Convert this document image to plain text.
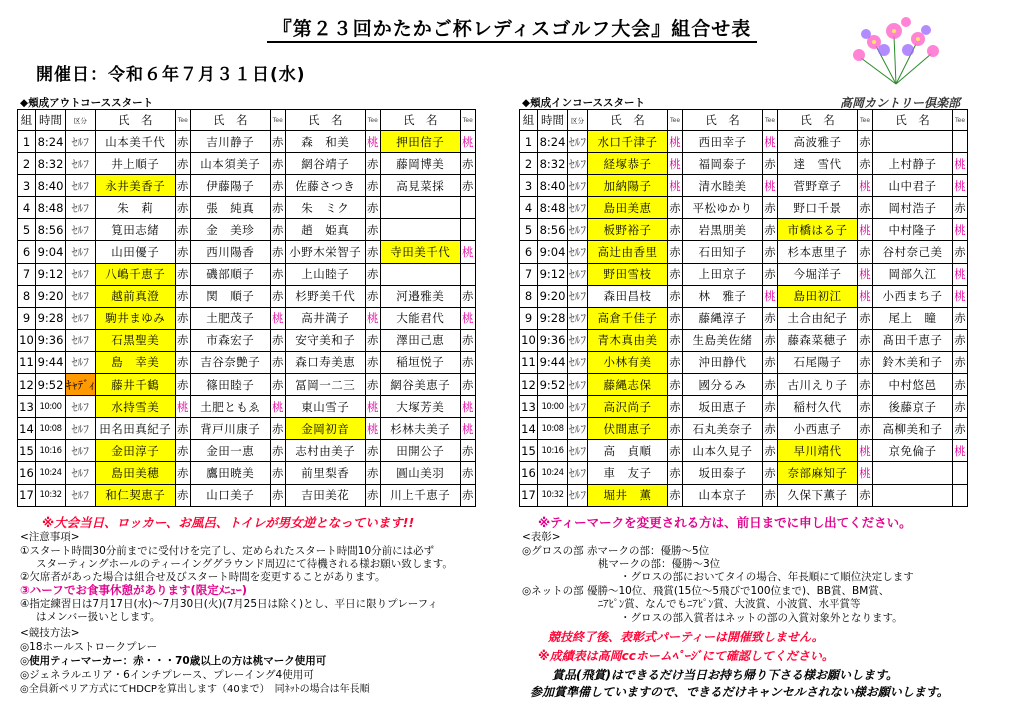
『第２３回かたかご杯レディスゴルフ大会』組合せ表
開催日：令和６年７月３１日(水)
◆頬成アウトコーススタート	◆頬成インコーススタート	高岡カントリー倶楽部
組	時間	区分	氏　名	Tee	氏　名	Tee	氏　名	Tee	氏　名	Tee
1	8:24	ｾﾙﾌ	山本美千代	赤	吉川静子	赤	森　和美	桃	押田信子	桃
2	8:32	ｾﾙﾌ	井上順子	赤	山本須美子	赤	網谷靖子	赤	藤岡博美	赤
3	8:40	ｾﾙﾌ	永井美香子	赤	伊藤陽子	赤	佐藤さつき	赤	高見菜採	赤
4	8:48	ｾﾙﾌ	朱　莉	赤	張　純真	赤	朱　ミク	赤		
5	8:56	ｾﾙﾌ	筧田志緒	赤	金　美珍	赤	趙　姫真	赤		
6	9:04	ｾﾙﾌ	山田優子	赤	西川陽香	赤	小野木栄智子	赤	寺田美千代	桃
7	9:12	ｾﾙﾌ	八嶋千恵子	赤	磯部順子	赤	上山睦子	赤		
8	9:20	ｾﾙﾌ	越前真澄	赤	関　順子	赤	杉野美千代	赤	河邉雅美	赤
9	9:28	ｾﾙﾌ	駒井まゆみ	赤	土肥茂子	桃	高井満子	桃	大能君代	桃
10	9:36	ｾﾙﾌ	石黒聖美	赤	市森宏子	赤	安守美和子	赤	澤田己恵	赤
11	9:44	ｾﾙﾌ	島　幸美	赤	吉谷奈艶子	赤	森口寿美恵	赤	稲垣悦子	赤
12	9:52	ｷｬﾃﾞｨ	藤井千鶴	赤	篠田睦子	赤	冨岡一二三	赤	網谷美恵子	赤
13	10:00	ｾﾙﾌ	水持雪美	桃	土肥ともゑ	桃	東山雪子	桃	大塚芳美	桃
14	10:08	ｾﾙﾌ	田名田真紀子	赤	背戸川康子	赤	金岡初音	桃	杉林夫美子	桃
15	10:16	ｾﾙﾌ	金田淳子	赤	金田一恵	赤	志村由美子	赤	田開公子	赤
16	10:24	ｾﾙﾌ	島田美穂	赤	鷹田暁美	赤	前里梨香	赤	圓山美羽	赤
17	10:32	ｾﾙﾌ	和仁契恵子	赤	山口美子	赤	吉田美花	赤	川上千恵子	赤
組	時間	区分	氏　名	Tee	氏　名	Tee	氏　名	Tee	氏　名	Tee
1	8:24	ｾﾙﾌ	水口千津子	桃	西田幸子	桃	高波雅子	赤		
2	8:32	ｾﾙﾌ	経塚恭子	桃	福岡泰子	赤	達　雪代	赤	上村静子	桃
3	8:40	ｾﾙﾌ	加納陽子	桃	清水睦美	桃	菅野章子	桃	山中君子	桃
4	8:48	ｾﾙﾌ	島田美恵	赤	平松ゆかり	赤	野口千景	赤	岡村浩子	赤
5	8:56	ｾﾙﾌ	板野裕子	赤	岩黒朋美	赤	市橋はる子	桃	中村隆子	桃
6	9:04	ｾﾙﾌ	高辻由香里	赤	石田知子	赤	杉本恵里子	赤	谷村奈己美	赤
7	9:12	ｾﾙﾌ	野田雪枝	赤	上田京子	赤	今堀洋子	桃	岡部久江	桃
8	9:20	ｾﾙﾌ	森田昌枝	赤	林　雅子	桃	島田初江	桃	小西まち子	桃
9	9:28	ｾﾙﾌ	高倉千佳子	赤	藤縄淳子	赤	土合由紀子	赤	尾上　瞳	赤
10	9:36	ｾﾙﾌ	青木真由美	赤	生島美佐緒	赤	藤森菜穂子	赤	髙田千恵子	赤
11	9:44	ｾﾙﾌ	小林有美	赤	沖田静代	赤	石尾陽子	赤	鈴木美和子	赤
12	9:52	ｾﾙﾌ	藤縄志保	赤	國分るみ	赤	古川えり子	赤	中村悠邑	赤
13	10:00	ｾﾙﾌ	高沢尚子	赤	坂田恵子	赤	稲村久代	赤	後藤京子	赤
14	10:08	ｾﾙﾌ	伏間恵子	赤	石丸美奈子	赤	小西恵子	赤	高柳美和子	赤
15	10:16	ｾﾙﾌ	高　貞順	赤	山本久見子	赤	早川靖代	桃	京免倫子	桃
16	10:24	ｾﾙﾌ	車　友子	赤	坂田泰子	赤	奈部麻知子	桃		
17	10:32	ｾﾙﾌ	堀井　薫	赤	山本京子	赤	久保下薫子	赤		
※大会当日、ロッカー、お風呂、トイレが男女逆となっています!!	※ティーマークを変更される方は、前日までに申し出てください。
<注意事項>
①スタート時間30分前までに受付けを完了し、定められたスタート時間10分前には必ず
スターティングホールのティーインググラウンド周辺にて待機される様お願い致します。
②欠席者があった場合は組合せ及びスタート時間を変更することがあります。
③ハーフでお食事休憩があります(限定ﾒﾆｭｰ)
④指定練習日は7月17日(水)～7月30日(火)(7月25日は除く)とし、平日に限りプレーフィ
はメンバー扱いとします。
<競技方法>
◎18ホールストロークプレー
◎使用ティーマーカー：赤・・・70歳以上の方は桃マーク使用可
◎ジェネラルエリア・6インチプレース、プレーイング4使用可
◎全員新ペリア方式にてHDCPを算出します（40まで）　同ﾈｯﾄの場合は年長順
<表彰>
◎グロスの部 赤マークの部：優勝～5位
桃マークの部：優勝～3位
・グロスの部においてタイの場合、年長順にて順位決定します
◎ネットの部 優勝～10位、飛賞(15位～5飛びで100位まで)、BB賞、BM賞、
ﾆｱﾋﾟﾝ賞、なんでもﾆｱﾋﾟﾝ賞、大波賞、小波賞、水平賞等
・グロスの部入賞者はネットの部の入賞対象外となります。
競技終了後、表彰式パーティーは開催致しません。
※成績表は高岡ccホームﾍﾟｰｼﾞにて確認してください。
賞品(飛賞)はできるだけ当日お持ち帰り下さる様お願いします。
参加賞準備していますので、できるだけキャンセルされない様お願いします。
